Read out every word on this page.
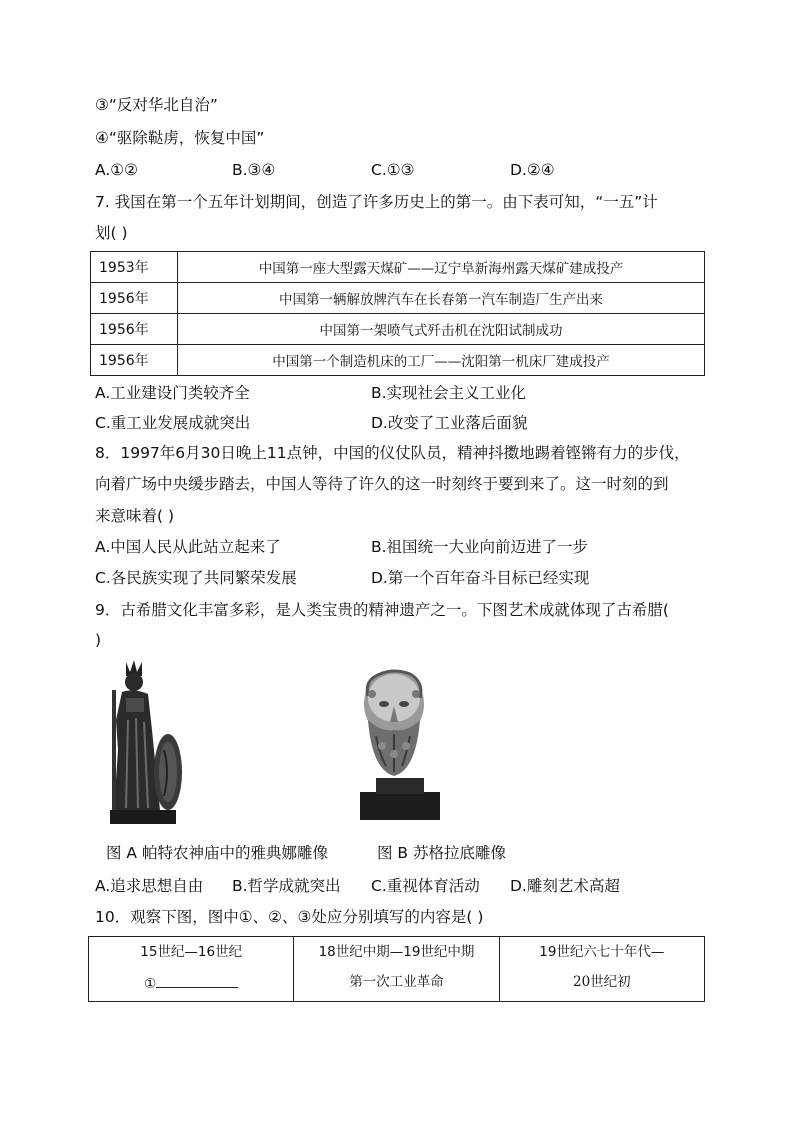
③“反对华北自治”
④“驱除鞑虏，恢复中国”
A.①②	B.③④	C.①③	D.②④
7. 我国在第一个五年计划期间，创造了许多历史上的第一。由下表可知，“一五”计
划( )
1953年	中国第一座大型露天煤矿——辽宁阜新海州露天煤矿建成投产
1956年	中国第一辆解放牌汽车在长春第一汽车制造厂生产出来
1956年	中国第一架喷气式歼击机在沈阳试制成功
1956年	中国第一个制造机床的工厂——沈阳第一机床厂建成投产
A.工业建设门类较齐全	B.实现社会主义工业化
C.重工业发展成就突出	D.改变了工业落后面貌
8．1997年6月30日晚上11点钟，中国的仪仗队员，精神抖擞地踢着铿锵有力的步伐，
向着广场中央缓步踏去，中国人等待了许久的这一时刻终于要到来了。这一时刻的到
来意味着( )
A.中国人民从此站立起来了	B.祖国统一大业向前迈进了一步
C.各民族实现了共同繁荣发展	D.第一个百年奋斗目标已经实现
9．古希腊文化丰富多彩，是人类宝贵的精神遗产之一。下图艺术成就体现了古希腊(
)
图 A 帕特农神庙中的雅典娜雕像	图 B 苏格拉底雕像
A.追求思想自由 B.哲学成就突出 C.重视体育活动 D.雕刻艺术高超
10．观察下图，图中①、②、③处应分别填写的内容是( )
15世纪—16世纪
①

18世纪中期—19世纪中期
第一次工业革命

19世纪六七十年代—
20世纪初
